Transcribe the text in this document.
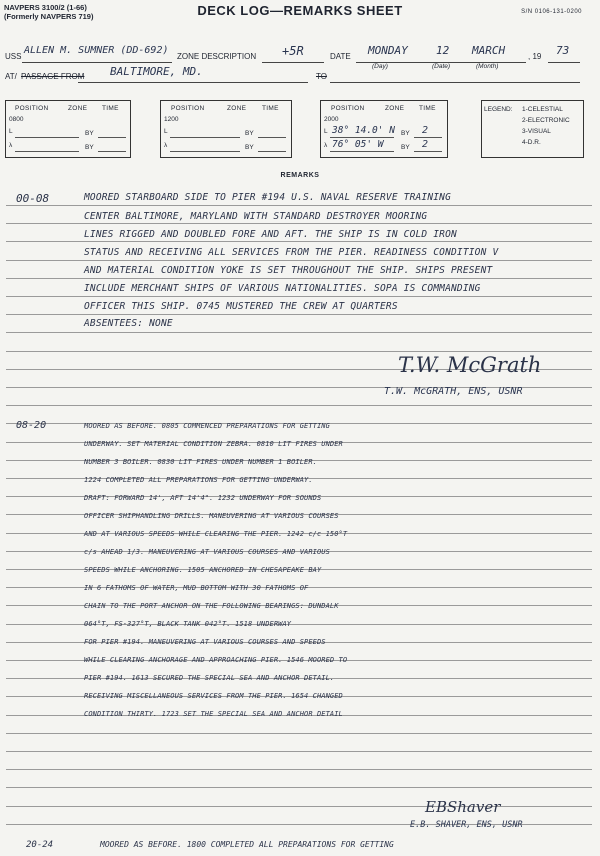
NAVPERS 3100/2 (1-66)
(Formerly NAVPERS 719)	DECK LOG—REMARKS SHEET	S/N 0106-131-0200
USS
ALLEN M. SUMNER (DD-692)
ZONE DESCRIPTION +5R	DATE MONDAY	12 MARCH	, 19 73
(Day)	(Date)	(Month)
AT/ PASSAGE FROM BALTIMORE, MD.	TO
POSITION	ZONE TIME
0800
L	BY
λ	BY
POSITION	ZONE TIME
1200
L	BY
λ	BY
POSITION	ZONE TIME
2000
L 38° 14.0' N BY 2
λ 76° 05' W	BY 2
LEGEND: 1-CELESTIAL
2-ELECTRONIC
3-VISUAL
4-D.R.
REMARKS
00-08	MOORED STARBOARD SIDE TO PIER #194 U.S. NAVAL RESERVE TRAINING
CENTER BALTIMORE, MARYLAND WITH STANDARD DESTROYER MOORING
LINES RIGGED AND DOUBLED FORE AND AFT. THE SHIP IS IN COLD IRON
STATUS AND RECEIVING ALL SERVICES FROM THE PIER. READINESS CONDITION V
AND MATERIAL CONDITION YOKE IS SET THROUGHOUT THE SHIP. SHIPS PRESENT
INCLUDE MERCHANT SHIPS OF VARIOUS NATIONALITIES. SOPA IS COMMANDING
OFFICER THIS SHIP. 0745 MUSTERED THE CREW AT QUARTERS
ABSENTEES: NONE
T.W. McGrath
T.W. McGRATH, ENS, USNR
08-20	MOORED AS BEFORE. 0805 COMMENCED PREPARATIONS FOR GETTING
UNDERWAY. SET MATERIAL CONDITION ZEBRA. 0810 LIT FIRES UNDER
NUMBER 3 BOILER. 0830 LIT FIRES UNDER NUMBER 1 BOILER.
1224 COMPLETED ALL PREPARATIONS FOR GETTING UNDERWAY.
DRAFT: FORWARD 14', AFT 14'4". 1232 UNDERWAY FOR SOUNDS
OFFICER SHIPHANDLING DRILLS. MANEUVERING AT VARIOUS COURSES
AND AT VARIOUS SPEEDS WHILE CLEARING THE PIER. 1242 c/c 150°T
c/s AHEAD 1/3. MANEUVERING AT VARIOUS COURSES AND VARIOUS
SPEEDS WHILE ANCHORING. 1505 ANCHORED IN CHESAPEAKE BAY
IN 6 FATHOMS OF WATER, MUD BOTTOM WITH 30 FATHOMS OF
CHAIN TO THE PORT ANCHOR ON THE FOLLOWING BEARINGS: DUNDALK
064°T, FS-327°T, BLACK TANK 042°T. 1518 UNDERWAY
FOR PIER #194. MANEUVERING AT VARIOUS COURSES AND SPEEDS
WHILE CLEARING ANCHORAGE AND APPROACHING PIER. 1546 MOORED TO
PIER #194. 1613 SECURED THE SPECIAL SEA AND ANCHOR DETAIL.
RECEIVING MISCELLANEOUS SERVICES FROM THE PIER. 1654 CHANGED
CONDITION THIRTY. 1723 SET THE SPECIAL SEA AND ANCHOR DETAIL
EBShaver
E.B. SHAVER, ENS, USNR
20-24	MOORED AS BEFORE. 1800 COMPLETED ALL PREPARATIONS FOR GETTING
